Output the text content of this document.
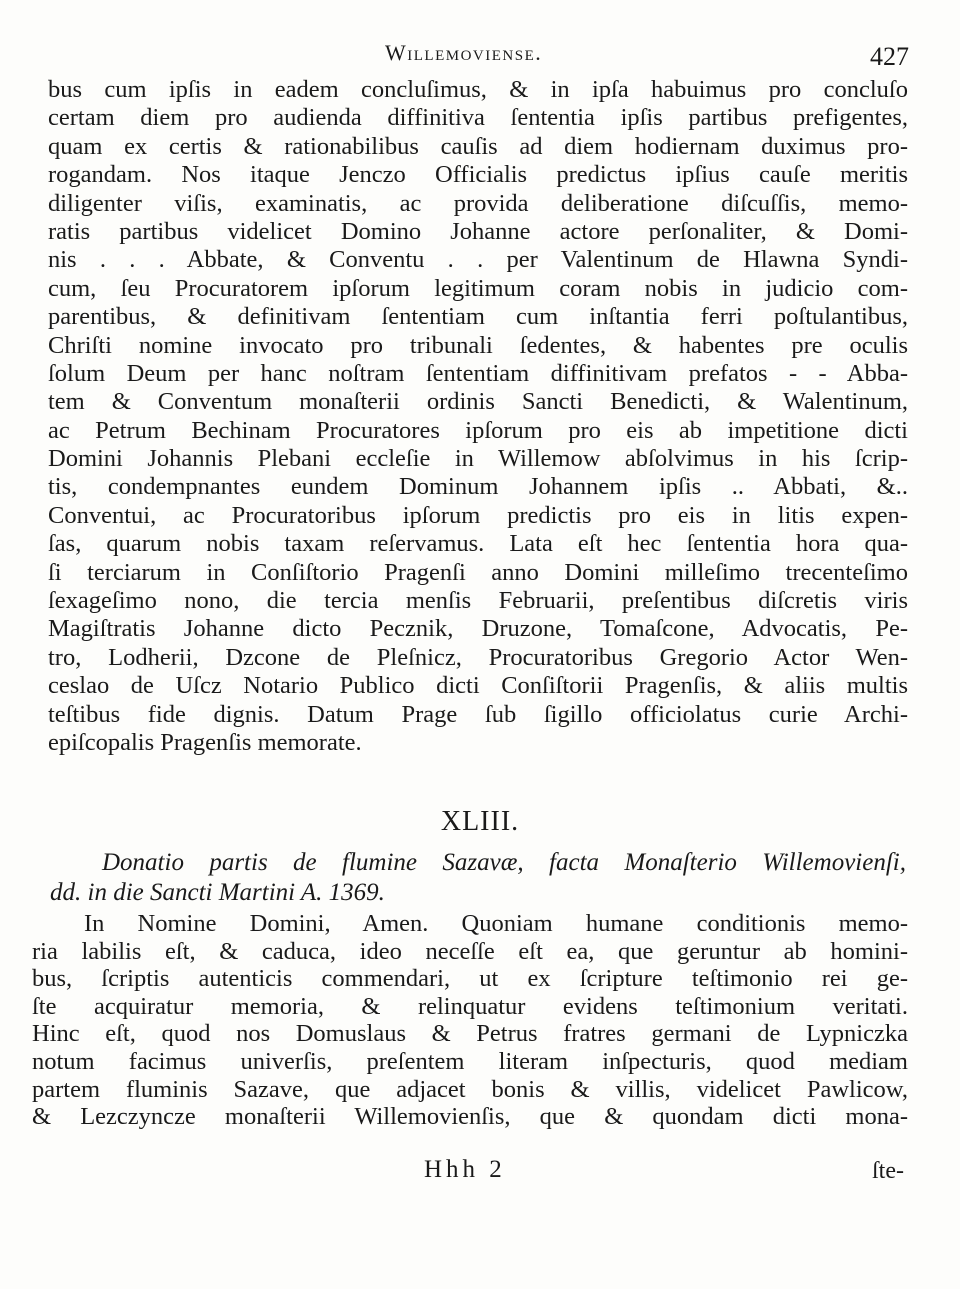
Willemoviense.	427
bus cum ipſis in eadem concluſimus, & in ipſa habuimus pro concluſo
certam diem pro audienda diffinitiva ſententia ipſis partibus prefigentes,
quam ex certis & rationabilibus cauſis ad diem hodiernam duximus pro-
rogandam. Nos itaque Jenczo Officialis predictus ipſius cauſe meritis
diligenter viſis, examinatis, ac provida deliberatione diſcuſſis, memo-
ratis partibus videlicet Domino Johanne actore perſonaliter, & Domi-
nis . . . Abbate, & Conventu . . per Valentinum de Hlawna Syndi-
cum, ſeu Procuratorem ipſorum legitimum coram nobis in judicio com-
parentibus, & definitivam ſententiam cum inſtantia ferri poſtulantibus,
Chriſti nomine invocato pro tribunali ſedentes, & habentes pre oculis
ſolum Deum per hanc noſtram ſententiam diffinitivam prefatos - - Abba-
tem & Conventum monaſterii ordinis Sancti Benedicti, & Walentinum,
ac Petrum Bechinam Procuratores ipſorum pro eis ab impetitione dicti
Domini Johannis Plebani eccleſie in Willemow abſolvimus in his ſcrip-
tis, condempnantes eundem Dominum Johannem ipſis .. Abbati, &..
Conventui, ac Procuratoribus ipſorum predictis pro eis in litis expen-
ſas, quarum nobis taxam reſervamus. Lata eſt hec ſententia hora qua-
ſi terciarum in Conſiſtorio Pragenſi anno Domini milleſimo trecenteſimo
ſexageſimo nono, die tercia menſis Februarii, preſentibus diſcretis viris
Magiſtratis Johanne dicto Pecznik, Druzone, Tomaſcone, Advocatis, Pe-
tro, Lodherii, Dzcone de Pleſnicz, Procuratoribus Gregorio Actor Wen-
ceslao de Uſcz Notario Publico dicti Conſiſtorii Pragenſis, & aliis multis
teſtibus fide dignis. Datum Prage ſub ſigillo officiolatus curie Archi-
epiſcopalis Pragenſis memorate.
XLIII.
Donatio partis de flumine Sazavæ, facta Monaſterio Willemovienſi,
dd. in die Sancti Martini A. 1369.
In Nomine Domini, Amen. Quoniam humane conditionis memo-
ria labilis eſt, & caduca, ideo neceſſe eſt ea, que geruntur ab homini-
bus, ſcriptis autenticis commendari, ut ex ſcripture teſtimonio rei ge-
ſte acquiratur memoria, & relinquatur evidens teſtimonium veritati.
Hinc eſt, quod nos Domuslaus & Petrus fratres germani de Lypniczka
notum facimus univerſis, preſentem literam inſpecturis, quod mediam
partem fluminis Sazave, que adjacet bonis & villis, videlicet Pawlicow,
& Lezczyncze monaſterii Willemovienſis, que & quondam dicti mona-
Hhh 2	ſte-
